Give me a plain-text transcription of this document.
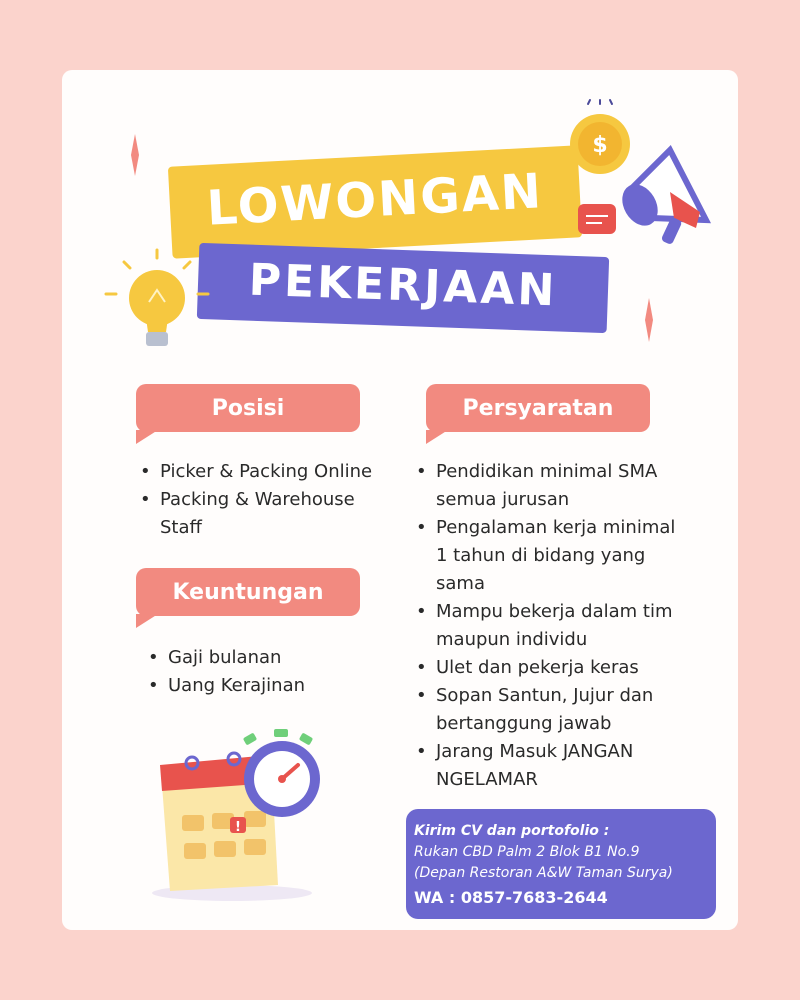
LOWONGAN
PEKERJAAN
$
Posisi
• Picker & Packing Online
• Packing & Warehouse Staff
Keuntungan
• Gaji bulanan
• Uang Kerajinan
Persyaratan
• Pendidikan minimal SMA semua jurusan
• Pengalaman kerja minimal 1 tahun di bidang yang sama
• Mampu bekerja dalam tim maupun individu
• Ulet dan pekerja keras
• Sopan Santun, Jujur dan bertanggung jawab
• Jarang Masuk JANGAN NGELAMAR
!	Kirim CV dan portofolio :
Rukan CBD Palm 2 Blok B1 No.9
(Depan Restoran A&W Taman Surya)
WA : 0857-7683-2644
